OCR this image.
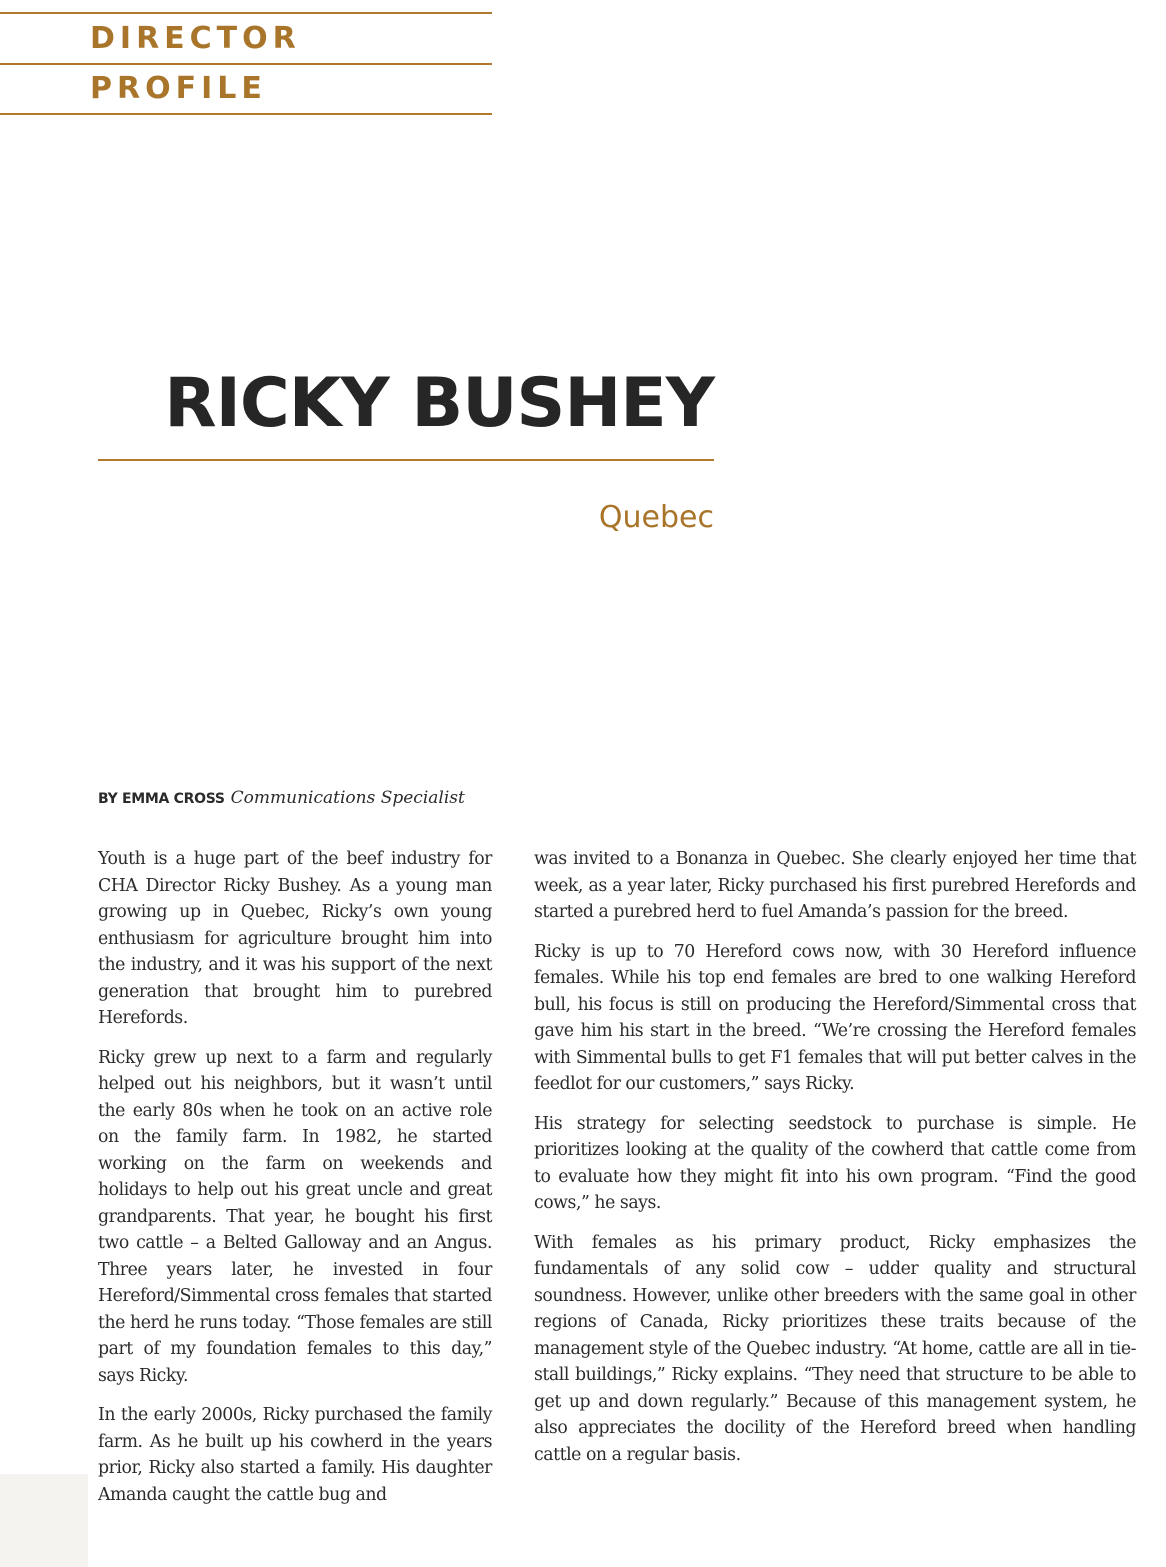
DIRECTOR
PROFILE
RICKY BUSHEY
Quebec
BY EMMA CROSS Communications Specialist

Youth is a huge part of the beef industry for CHA Director Ricky Bushey. As a young man growing up in Quebec, Ricky’s own young enthusiasm for agriculture brought him into the industry, and it was his support of the next generation that brought him to purebred Herefords.

Ricky grew up next to a farm and regularly helped out his neighbors, but it wasn’t until the early 80s when he took on an active role on the family farm. In 1982, he started working on the farm on weekends and holidays to help out his great uncle and great grandparents. That year, he bought his first two cattle – a Belted Galloway and an Angus. Three years later, he invested in four Hereford/Simmental cross females that started the herd he runs today. “Those females are still part of my foundation females to this day,” says Ricky.

In the early 2000s, Ricky purchased the family farm. As he built up his cowherd in the years prior, Ricky also started a family. His daughter Amanda caught the cattle bug and

was invited to a Bonanza in Quebec. She clearly enjoyed her time that week, as a year later, Ricky purchased his first purebred Herefords and started a purebred herd to fuel Amanda’s passion for the breed.

Ricky is up to 70 Hereford cows now, with 30 Hereford influence females. While his top end females are bred to one walking Hereford bull, his focus is still on producing the Hereford/Simmental cross that gave him his start in the breed. “We’re crossing the Hereford females with Simmental bulls to get F1 females that will put better calves in the feedlot for our customers,” says Ricky.

His strategy for selecting seedstock to purchase is simple. He prioritizes looking at the quality of the cowherd that cattle come from to evaluate how they might fit into his own program. “Find the good cows,” he says.

With females as his primary product, Ricky emphasizes the fundamentals of any solid cow – udder quality and structural soundness. However, unlike other breeders with the same goal in other regions of Canada, Ricky prioritizes these traits because of the management style of the Quebec industry. “At home, cattle are all in tie-stall buildings,” Ricky explains. “They need that structure to be able to get up and down regularly.” Because of this management system, he also appreciates the docility of the Hereford breed when handling cattle on a regular basis.
